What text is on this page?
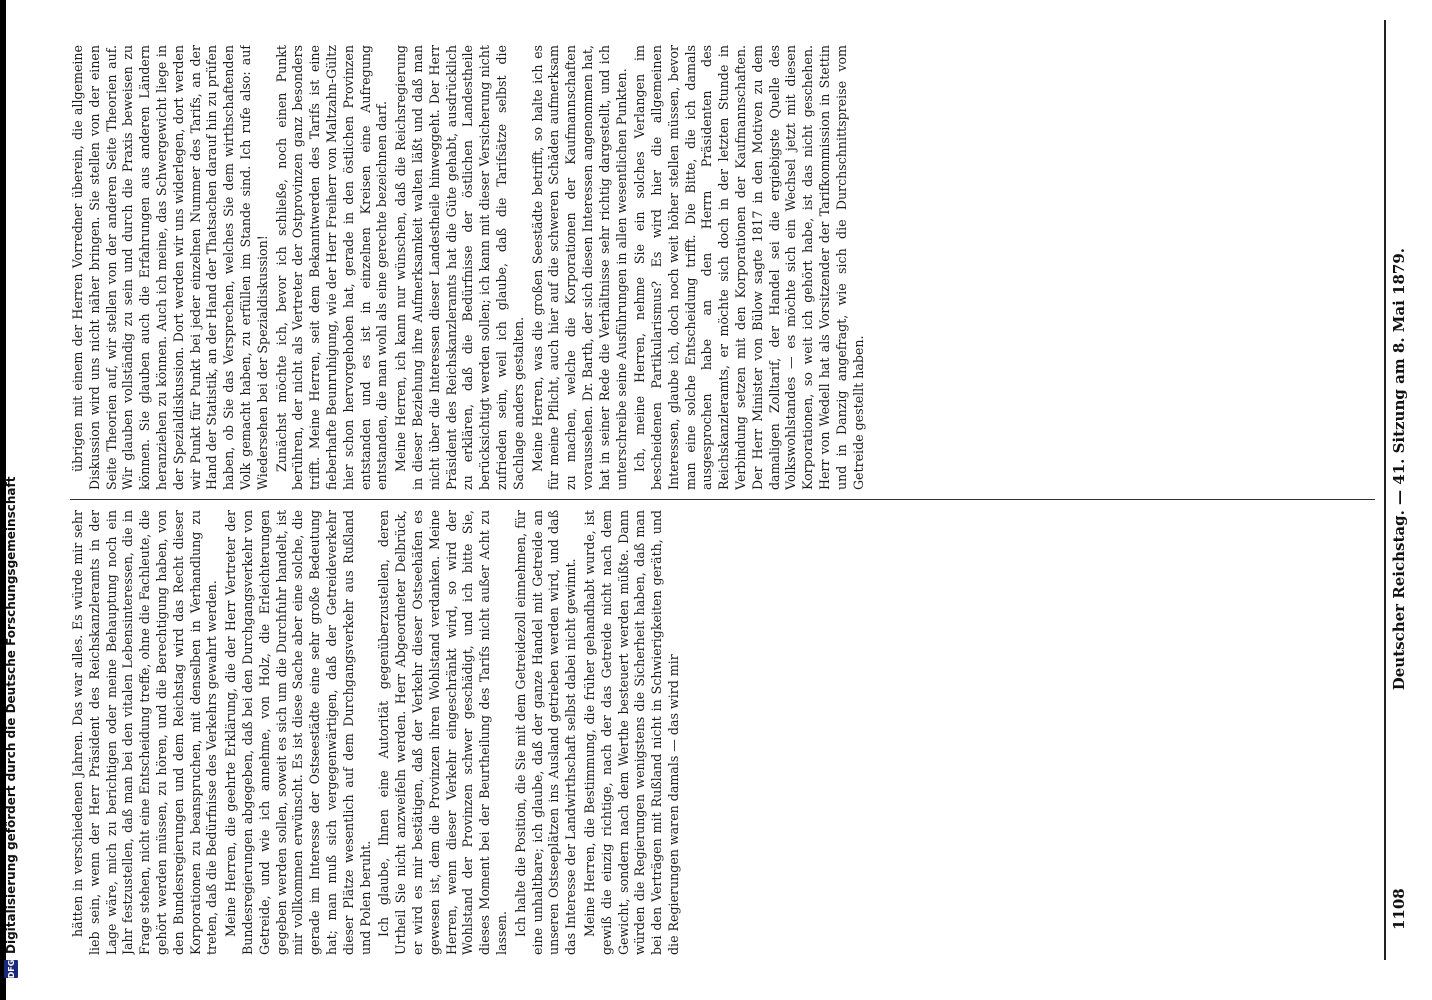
DFG
Digitalisierung gefördert durch die Deutsche Forschungsgemeinschaft	1108
Deutscher Reichstag. — 41. Sitzung am 8. Mai 1879.

übrigen mit einem der Herren Vorredner überein, die allgemeine Diskussion wird uns nicht näher bringen. Sie stellen von der einen Seite Theorien auf, wir stellen von der anderen Seite Theorien auf. Wir glauben vollständig zu sein und durch die Praxis beweisen zu können. Sie glauben auch die Erfahrungen aus anderen Ländern heranziehen zu können. Auch ich meine, das Schwergewicht liege in der Spezialdiskussion. Dort werden wir uns widerlegen, dort werden wir Punkt für Punkt bei jeder einzelnen Nummer des Tarifs, an der Hand der Statistik, an der Hand der Thatsachen darauf hin zu prüfen haben, ob Sie das Versprechen, welches Sie dem wirthschaftenden Volk gemacht haben, zu erfüllen im Stande sind. Ich rufe also: auf Wiedersehen bei der Spezialdiskussion! Zunächst möchte ich, bevor ich schließe, noch einen Punkt berühren, der nicht als Vertreter der Ostprovinzen ganz besonders trifft. Meine Herren, seit dem Bekanntwerden des Tarifs ist eine fieberhafte Beunruhigung, wie der Herr Freiherr von Maltzahn-Gültz hier schon hervorgehoben hat, gerade in den östlichen Provinzen entstanden und es ist in einzelnen Kreisen eine Aufregung entstanden, die man wohl als eine gerechte bezeichnen darf. Meine Herren, ich kann nur wünschen, daß die Reichsregierung in dieser Beziehung ihre Aufmerksamkeit walten läßt und daß man nicht über die Interessen dieser Landestheile hinweggeht. Der Herr Präsident des Reichskanzleramts hat die Güte gehabt, ausdrücklich zu erklären, daß die Bedürfnisse der östlichen Landestheile berücksichtigt werden sollen; ich kann mit dieser Versicherung nicht zufrieden sein, weil ich glaube, daß die Tarifsätze selbst die Sachlage anders gestalten. Meine Herren, was die großen Seestädte betrifft, so halte ich es für meine Pflicht, auch hier auf die schweren Schäden aufmerksam zu machen, welche die Korporationen der Kaufmannschaften voraussehen. Dr. Barth, der sich diesen Interessen angenommen hat, hat in seiner Rede die Verhältnisse sehr richtig dargestellt, und ich unterschreibe seine Ausführungen in allen wesentlichen Punkten. Ich, meine Herren, nehme Sie ein solches Verlangen im bescheidenen Partikularismus? Es wird hier die allgemeinen Interessen, glaube ich, doch noch weit höher stellen müssen, bevor man eine solche Entscheidung trifft. Die Bitte, die ich damals ausgesprochen habe an den Herrn Präsidenten des Reichskanzleramts, er möchte sich doch in der letzten Stunde in Verbindung setzen mit den Korporationen der Kaufmannschaften. Der Herr Minister von Bülow sagte 1817 in den Motiven zu dem damaligen Zolltarif, der Handel sei die ergiebigste Quelle des Volkswohlstandes — es möchte sich ein Wechsel jetzt mit diesen Korporationen, so weit ich gehört habe, ist das nicht geschehen. Herr von Wedell hat als Vorsitzender der Tarifkommission in Stettin und in Danzig angefragt, wie sich die Durchschnittspreise vom Getreide gestellt haben.

hätten in verschiedenen Jahren. Das war alles. Es würde mir sehr lieb sein, wenn der Herr Präsident des Reichskanzleramts in der Lage wäre, mich zu berichtigen oder meine Behauptung noch ein Jahr festzustellen, daß man bei den vitalen Lebensinteressen, die in Frage stehen, nicht eine Entscheidung treffe, ohne die Fachleute, die gehört werden müssen, zu hören, und die Berechtigung haben, von den Bundesregierungen und dem Reichstag wird das Recht dieser Korporationen zu beanspruchen, mit denselben in Verhandlung zu treten, daß die Bedürfnisse des Verkehrs gewahrt werden. Meine Herren, die geehrte Erklärung, die der Herr Vertreter der Bundesregierungen abgegeben, daß bei den Durchgangsverkehr von Getreide, und wie ich annehme, von Holz, die Erleichterungen gegeben werden sollen, soweit es sich um die Durchfuhr handelt, ist mir vollkommen erwünscht. Es ist diese Sache aber eine solche, die gerade im Interesse der Ostseestädte eine sehr große Bedeutung hat; man muß sich vergegenwärtigen, daß der Getreideverkehr dieser Plätze wesentlich auf dem Durchgangsverkehr aus Rußland und Polen beruht. Ich glaube, Ihnen eine Autorität gegenüberzustellen, deren Urtheil Sie nicht anzweifeln werden. Herr Abgeordneter Delbrück, er wird es mir bestätigen, daß der Verkehr dieser Ostseehäfen es gewesen ist, dem die Provinzen ihren Wohlstand verdanken. Meine Herren, wenn dieser Verkehr eingeschränkt wird, so wird der Wohlstand der Provinzen schwer geschädigt, und ich bitte Sie, dieses Moment bei der Beurtheilung des Tarifs nicht außer Acht zu lassen. Ich halte die Position, die Sie mit dem Getreidezoll einnehmen, für eine unhaltbare; ich glaube, daß der ganze Handel mit Getreide an unseren Ostseeplätzen ins Ausland getrieben werden wird, und daß das Interesse der Landwirthschaft selbst dabei nicht gewinnt. Meine Herren, die Bestimmung, die früher gehandhabt wurde, ist gewiß die einzig richtige, nach der das Getreide nicht nach dem Gewicht, sondern nach dem Werthe besteuert werden müßte. Dann würden die Regierungen wenigstens die Sicherheit haben, daß man bei den Verträgen mit Rußland nicht in Schwierigkeiten geräth, und die Regierungen waren damals — das wird mir
